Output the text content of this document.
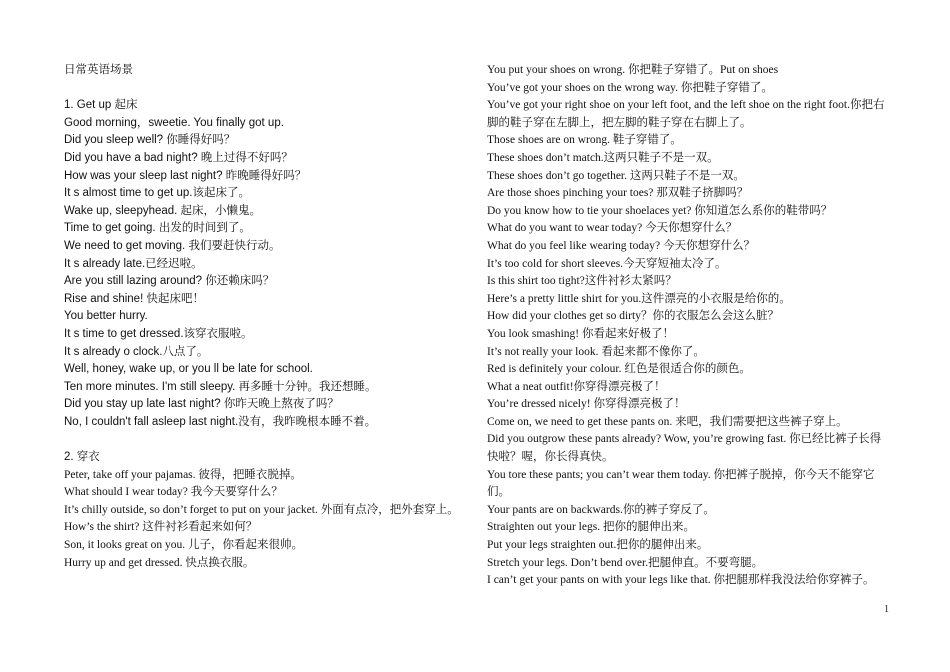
日常英语场景
1. Get up 起床
Good morning，sweetie. You finally got up.
Did you sleep well? 你睡得好吗？
Did you have a bad night? 晚上过得不好吗？
How was your sleep last night? 昨晚睡得好吗？
It s almost time to get up.该起床了。
Wake up, sleepyhead. 起床，小懒鬼。
Time to get going. 出发的时间到了。
We need to get moving. 我们要赶快行动。
It s already late.已经迟啦。
Are you still lazing around? 你还赖床吗？
Rise and shine! 快起床吧！
You better hurry.
It s time to get dressed.该穿衣服啦。
It s already o clock.八点了。
Well, honey, wake up, or you ll be late for school.
Ten more minutes. I'm still sleepy. 再多睡十分钟。我还想睡。
Did you stay up late last night? 你昨天晚上熬夜了吗？
No, I couldn't fall asleep last night.没有，我昨晚根本睡不着。
2. 穿衣
Peter, take off your pajamas. 彼得，把睡衣脱掉。
What should I wear today? 我今天要穿什么？
It’s chilly outside, so don’t forget to put on your jacket. 外面有点冷，把外套穿上。
How’s the shirt? 这件衬衫看起来如何？
Son, it looks great on you. 儿子，你看起来很帅。
Hurry up and get dressed. 快点换衣服。
You put your shoes on wrong. 你把鞋子穿错了。Put on shoes
You’ve got your shoes on the wrong way. 你把鞋子穿错了。
You’ve got your right shoe on your left foot, and the left shoe on the right foot.你把右脚的鞋子穿在左脚上，把左脚的鞋子穿在右脚上了。
Those shoes are on wrong. 鞋子穿错了。
These shoes don’t match.这两只鞋子不是一双。
These shoes don’t go together. 这两只鞋子不是一双。
Are those shoes pinching your toes? 那双鞋子挤脚吗？
Do you know how to tie your shoelaces yet? 你知道怎么系你的鞋带吗？
What do you want to wear today? 今天你想穿什么？
What do you feel like wearing today? 今天你想穿什么？
It’s too cold for short sleeves.今天穿短袖太冷了。
Is this shirt too tight?这件衬衫太紧吗？
Here’s a pretty little shirt for you.这件漂亮的小衣服是给你的。
How did your clothes get so dirty？你的衣服怎么会这么脏？
You look smashing! 你看起来好极了！
It’s not really your look. 看起来都不像你了。
Red is definitely your colour. 红色是很适合你的颜色。
What a neat outfit!你穿得漂亮极了！
You’re dressed nicely! 你穿得漂亮极了！
Come on, we need to get these pants on. 来吧，我们需要把这些裤子穿上。
Did you outgrow these pants already? Wow, you’re growing fast. 你已经比裤子长得快啦？喔，你长得真快。
You tore these pants; you can’t wear them today. 你把裤子脱掉，你今天不能穿它们。
Your pants are on backwards.你的裤子穿反了。
Straighten out your legs. 把你的腿伸出来。
Put your legs straighten out.把你的腿伸出来。
Stretch your legs. Don’t bend over.把腿伸直。不要弯腿。
I can’t get your pants on with your legs like that. 你把腿那样我没法给你穿裤子。
1
